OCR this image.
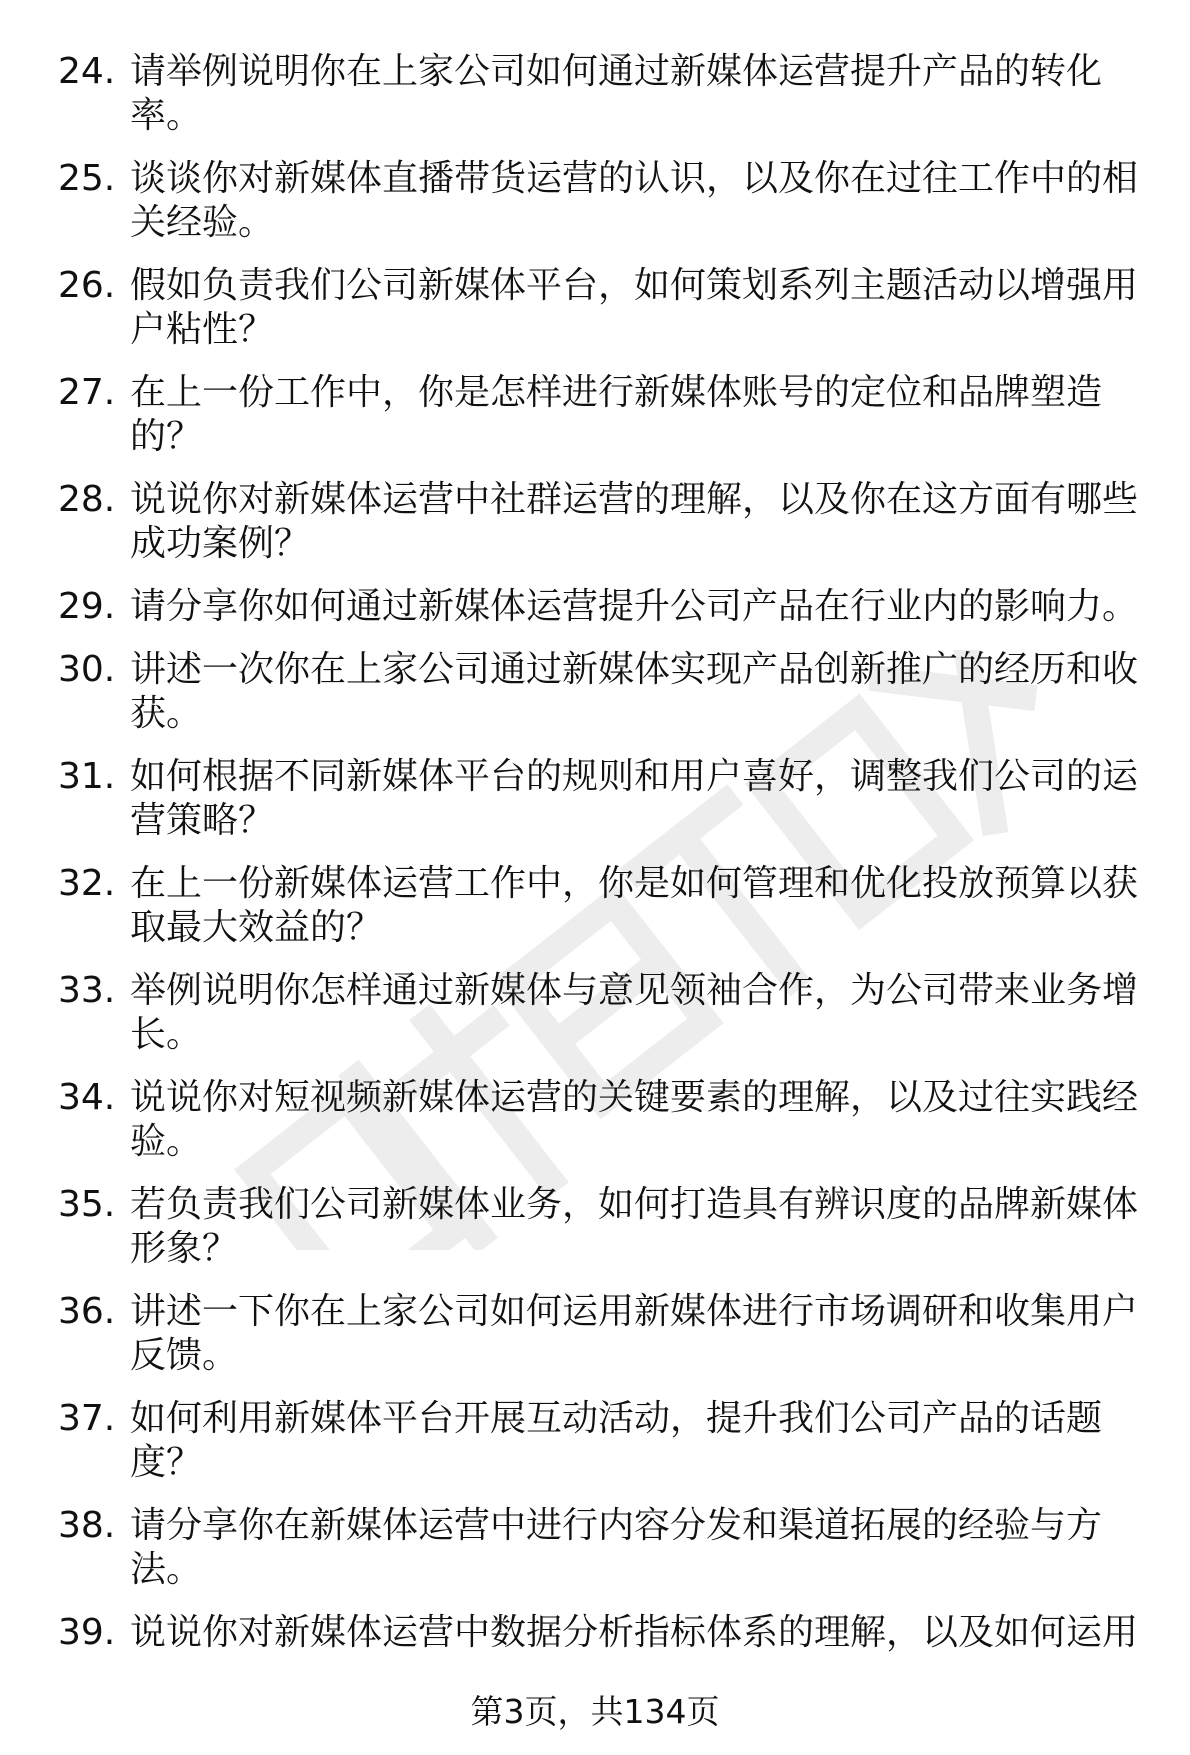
24. 请举例说明你在上家公司如何通过新媒体运营提升产品的转化率。
25. 谈谈你对新媒体直播带货运营的认识，以及你在过往工作中的相关经验。
26. 假如负责我们公司新媒体平台，如何策划系列主题活动以增强用户粘性？
27. 在上一份工作中，你是怎样进行新媒体账号的定位和品牌塑造的？
28. 说说你对新媒体运营中社群运营的理解，以及你在这方面有哪些成功案例？
29. 请分享你如何通过新媒体运营提升公司产品在行业内的影响力。
30. 讲述一次你在上家公司通过新媒体实现产品创新推广的经历和收获。
31. 如何根据不同新媒体平台的规则和用户喜好，调整我们公司的运营策略？
32. 在上一份新媒体运营工作中，你是如何管理和优化投放预算以获取最大效益的？
33. 举例说明你怎样通过新媒体与意见领袖合作，为公司带来业务增长。
34. 说说你对短视频新媒体运营的关键要素的理解，以及过往实践经验。
35. 若负责我们公司新媒体业务，如何打造具有辨识度的品牌新媒体形象？
36. 讲述一下你在上家公司如何运用新媒体进行市场调研和收集用户反馈。
37. 如何利用新媒体平台开展互动活动，提升我们公司产品的话题度？
38. 请分享你在新媒体运营中进行内容分发和渠道拓展的经验与方法。
39. 说说你对新媒体运营中数据分析指标体系的理解，以及如何运用
第3页，共134页
